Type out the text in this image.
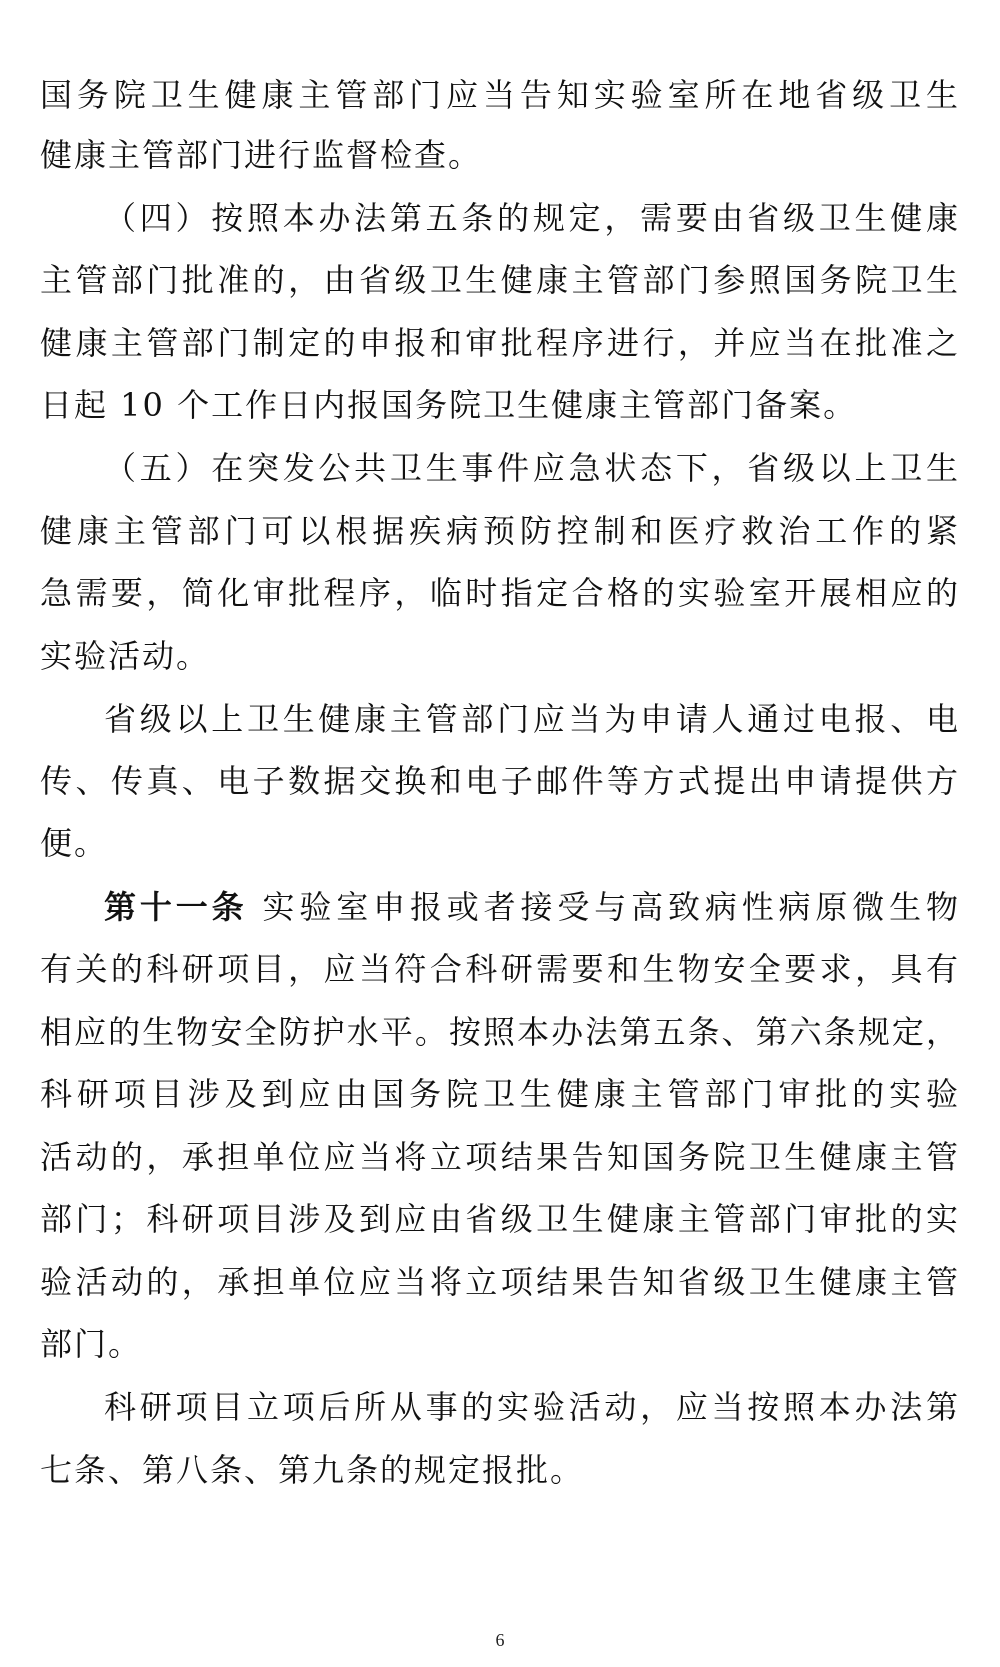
国务院卫生健康主管部门应当告知实验室所在地省级卫生
健康主管部门进行监督检查。
（四）按照本办法第五条的规定，需要由省级卫生健康
主管部门批准的，由省级卫生健康主管部门参照国务院卫生
健康主管部门制定的申报和审批程序进行，并应当在批准之
日起 10 个工作日内报国务院卫生健康主管部门备案。
（五）在突发公共卫生事件应急状态下，省级以上卫生
健康主管部门可以根据疾病预防控制和医疗救治工作的紧
急需要，简化审批程序，临时指定合格的实验室开展相应的
实验活动。
省级以上卫生健康主管部门应当为申请人通过电报、电
传、传真、电子数据交换和电子邮件等方式提出申请提供方
便。
第十一条 实验室申报或者接受与高致病性病原微生物
有关的科研项目，应当符合科研需要和生物安全要求，具有
相应的生物安全防护水平。按照本办法第五条、第六条规定，
科研项目涉及到应由国务院卫生健康主管部门审批的实验
活动的，承担单位应当将立项结果告知国务院卫生健康主管
部门；科研项目涉及到应由省级卫生健康主管部门审批的实
验活动的，承担单位应当将立项结果告知省级卫生健康主管
部门。
科研项目立项后所从事的实验活动，应当按照本办法第
七条、第八条、第九条的规定报批。
6
